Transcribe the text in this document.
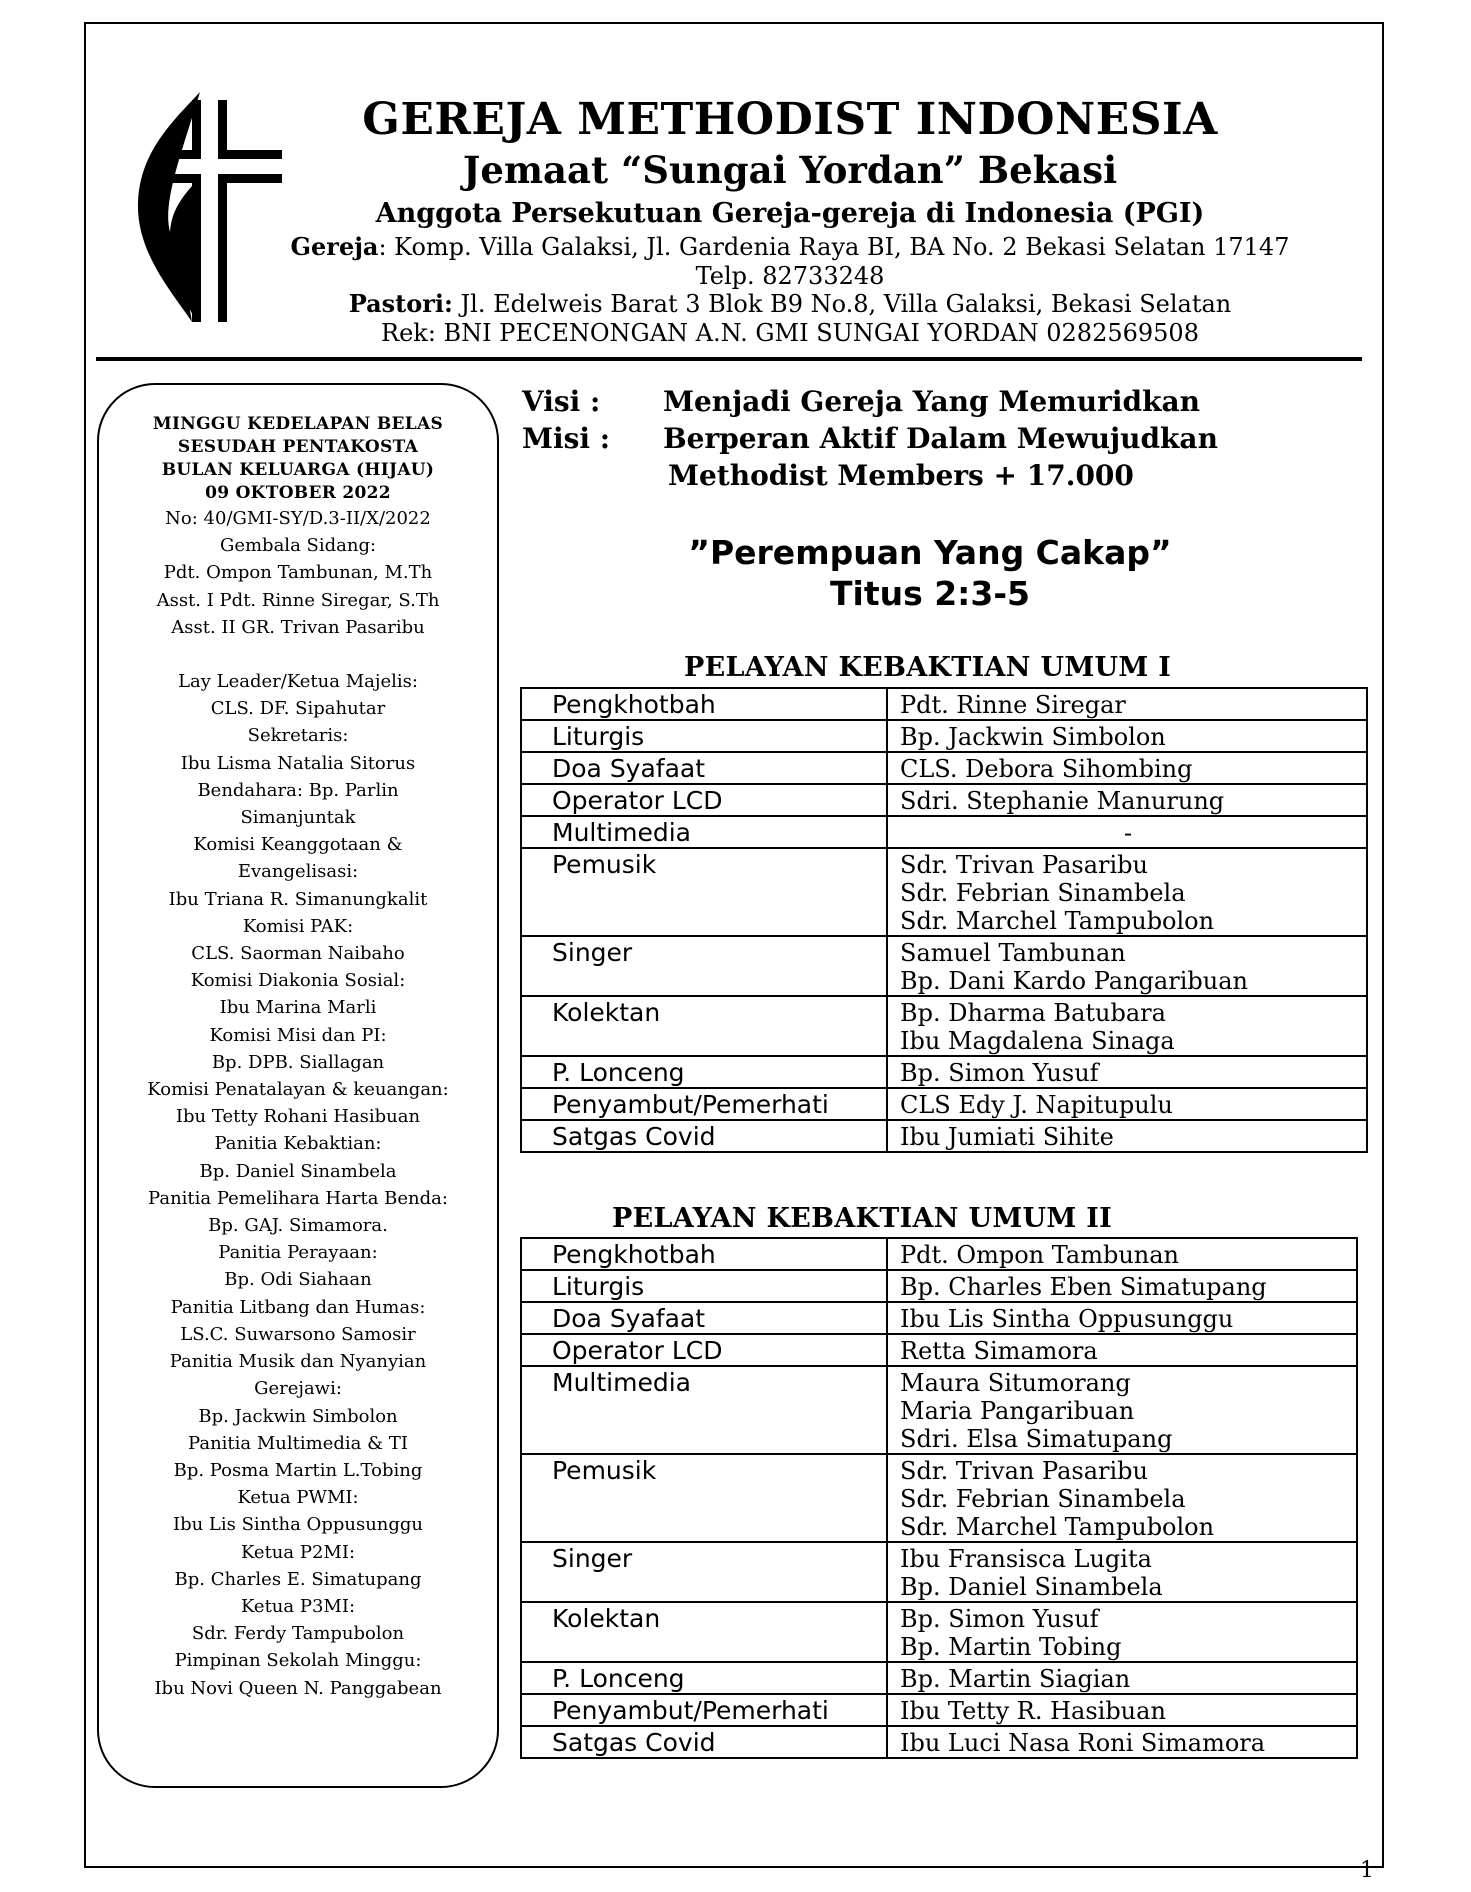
GEREJA METHODIST INDONESIA
Jemaat “Sungai Yordan” Bekasi
Anggota Persekutuan Gereja-gereja di Indonesia (PGI)
Gereja: Komp. Villa Galaksi, Jl. Gardenia Raya BI, BA No. 2 Bekasi Selatan 17147
Telp. 82733248
Pastori: Jl. Edelweis Barat 3 Blok B9 No.8, Villa Galaksi, Bekasi Selatan
Rek: BNI PECENONGAN A.N. GMI SUNGAI YORDAN 0282569508
MINGGU KEDELAPAN BELAS
SESUDAH PENTAKOSTA
BULAN KELUARGA (HIJAU)
09 OKTOBER 2022
No: 40/GMI-SY/D.3-II/X/2022
Gembala Sidang:
Pdt. Ompon Tambunan, M.Th
Asst. I Pdt. Rinne Siregar, S.Th
Asst. II GR. Trivan Pasaribu
Lay Leader/Ketua Majelis:
CLS. DF. Sipahutar
Sekretaris:
Ibu Lisma Natalia Sitorus
Bendahara: Bp. Parlin
Simanjuntak
Komisi Keanggotaan &
Evangelisasi:
Ibu Triana R. Simanungkalit
Komisi PAK:
CLS. Saorman Naibaho
Komisi Diakonia Sosial:
Ibu Marina Marli
Komisi Misi dan PI:
Bp. DPB. Siallagan
Komisi Penatalayan & keuangan:
Ibu Tetty Rohani Hasibuan
Panitia Kebaktian:
Bp. Daniel Sinambela
Panitia Pemelihara Harta Benda:
Bp. GAJ. Simamora.
Panitia Perayaan:
Bp. Odi Siahaan
Panitia Litbang dan Humas:
LS.C. Suwarsono Samosir
Panitia Musik dan Nyanyian
Gerejawi:
Bp. Jackwin Simbolon
Panitia Multimedia & TI
Bp. Posma Martin L.Tobing
Ketua PWMI:
Ibu Lis Sintha Oppusunggu
Ketua P2MI:
Bp. Charles E. Simatupang
Ketua P3MI:
Sdr. Ferdy Tampubolon
Pimpinan Sekolah Minggu:
Ibu Novi Queen N. Panggabean
Visi : Menjadi Gereja Yang Memuridkan
Misi : Berperan Aktif Dalam Mewujudkan
Methodist Members + 17.000
”Perempuan Yang Cakap”
Titus 2:3-5
PELAYAN KEBAKTIAN UMUM I
Pengkhotbah	Pdt. Rinne Siregar

Liturgis	Bp. Jackwin Simbolon

Doa Syafaat	CLS. Debora Sihombing

Operator LCD	Sdri. Stephanie Manurung

Multimedia	-

Pemusik	Sdr. Trivan Pasaribu
Sdr. Febrian Sinambela
Sdr. Marchel Tampubolon

Singer	Samuel Tambunan
Bp. Dani Kardo Pangaribuan

Kolektan	Bp. Dharma Batubara
Ibu Magdalena Sinaga

P. Lonceng	Bp. Simon Yusuf

Penyambut/Pemerhati	CLS Edy J. Napitupulu

Satgas Covid	Ibu Jumiati Sihite
PELAYAN KEBAKTIAN UMUM II
Pengkhotbah	Pdt. Ompon Tambunan

Liturgis	Bp. Charles Eben Simatupang

Doa Syafaat	Ibu Lis Sintha Oppusunggu

Operator LCD	Retta Simamora

Multimedia	Maura Situmorang
Maria Pangaribuan
Sdri. Elsa Simatupang

Pemusik	Sdr. Trivan Pasaribu
Sdr. Febrian Sinambela
Sdr. Marchel Tampubolon

Singer	Ibu Fransisca Lugita
Bp. Daniel Sinambela

Kolektan	Bp. Simon Yusuf
Bp. Martin Tobing

P. Lonceng	Bp. Martin Siagian

Penyambut/Pemerhati	Ibu Tetty R. Hasibuan

Satgas Covid	Ibu Luci Nasa Roni Simamora
1
